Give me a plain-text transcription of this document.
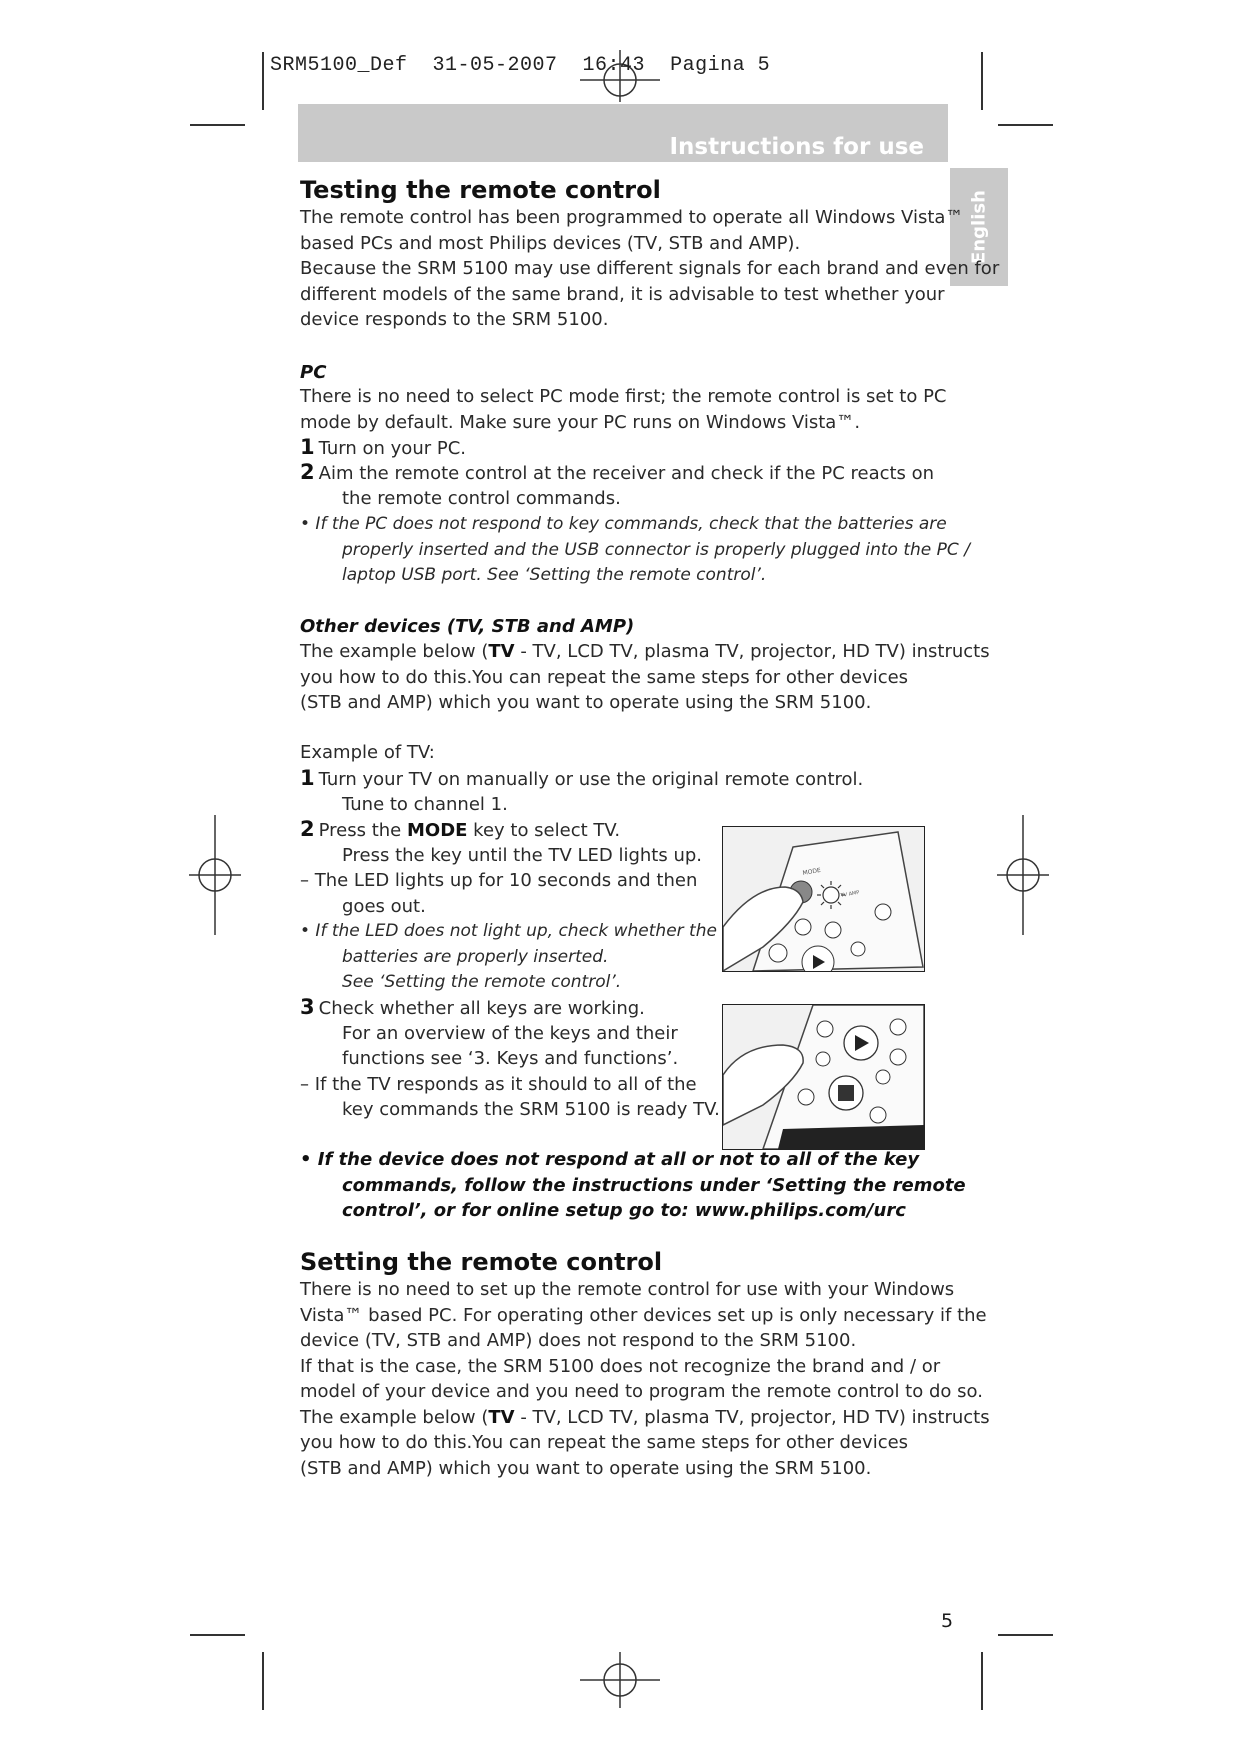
SRM5100_Def  31-05-2007  16:43  Pagina 5
Instructions for use
English
Testing the remote control
The remote control has been programmed to operate all Windows Vista™
based PCs and most Philips devices (TV, STB and AMP).
Because the SRM 5100 may use different signals for each brand and even for
different models of the same brand, it is advisable to test whether your
device responds to the SRM 5100.
PC
There is no need to select PC mode first; the remote control is set to PC
mode by default. Make sure your PC runs on Windows Vista™.
1 Turn on your PC.
2 Aim the remote control at the receiver and check if the PC reacts on
the remote control commands.
• If the PC does not respond to key commands, check that the batteries are
properly inserted and the USB connector is properly plugged into the PC /
laptop USB port. See ‘Setting the remote control’.
Other devices (TV, STB and AMP)
The example below (TV - TV, LCD TV, plasma TV, projector, HD TV) instructs
you how to do this.You can repeat the same steps for other devices
(STB and AMP) which you want to operate using the SRM 5100.
Example of TV:
1 Turn your TV on manually or use the original remote control.
Tune to channel 1.
2 Press the MODE key to select TV.
Press the key until the TV LED lights up.
– The LED lights up for 10 seconds and then
goes out.
• If the LED does not light up, check whether the
batteries are properly inserted.
See ‘Setting the remote control’.
3 Check whether all keys are working.
For an overview of the keys and their
functions see ‘3. Keys and functions’.
– If the TV responds as it should to all of the
key commands the SRM 5100 is ready TV.
MODE
TV AMP
• If the device does not respond at all or not to all of the key
commands, follow the instructions under ‘Setting the remote
control’, or for online setup go to: www.philips.com/urc
Setting the remote control
There is no need to set up the remote control for use with your Windows
Vista™ based PC. For operating other devices set up is only necessary if the
device (TV, STB and AMP) does not respond to the SRM 5100.
If that is the case, the SRM 5100 does not recognize the brand and / or
model of your device and you need to program the remote control to do so.
The example below (TV - TV, LCD TV, plasma TV, projector, HD TV) instructs
you how to do this.You can repeat the same steps for other devices
(STB and AMP) which you want to operate using the SRM 5100.
5
